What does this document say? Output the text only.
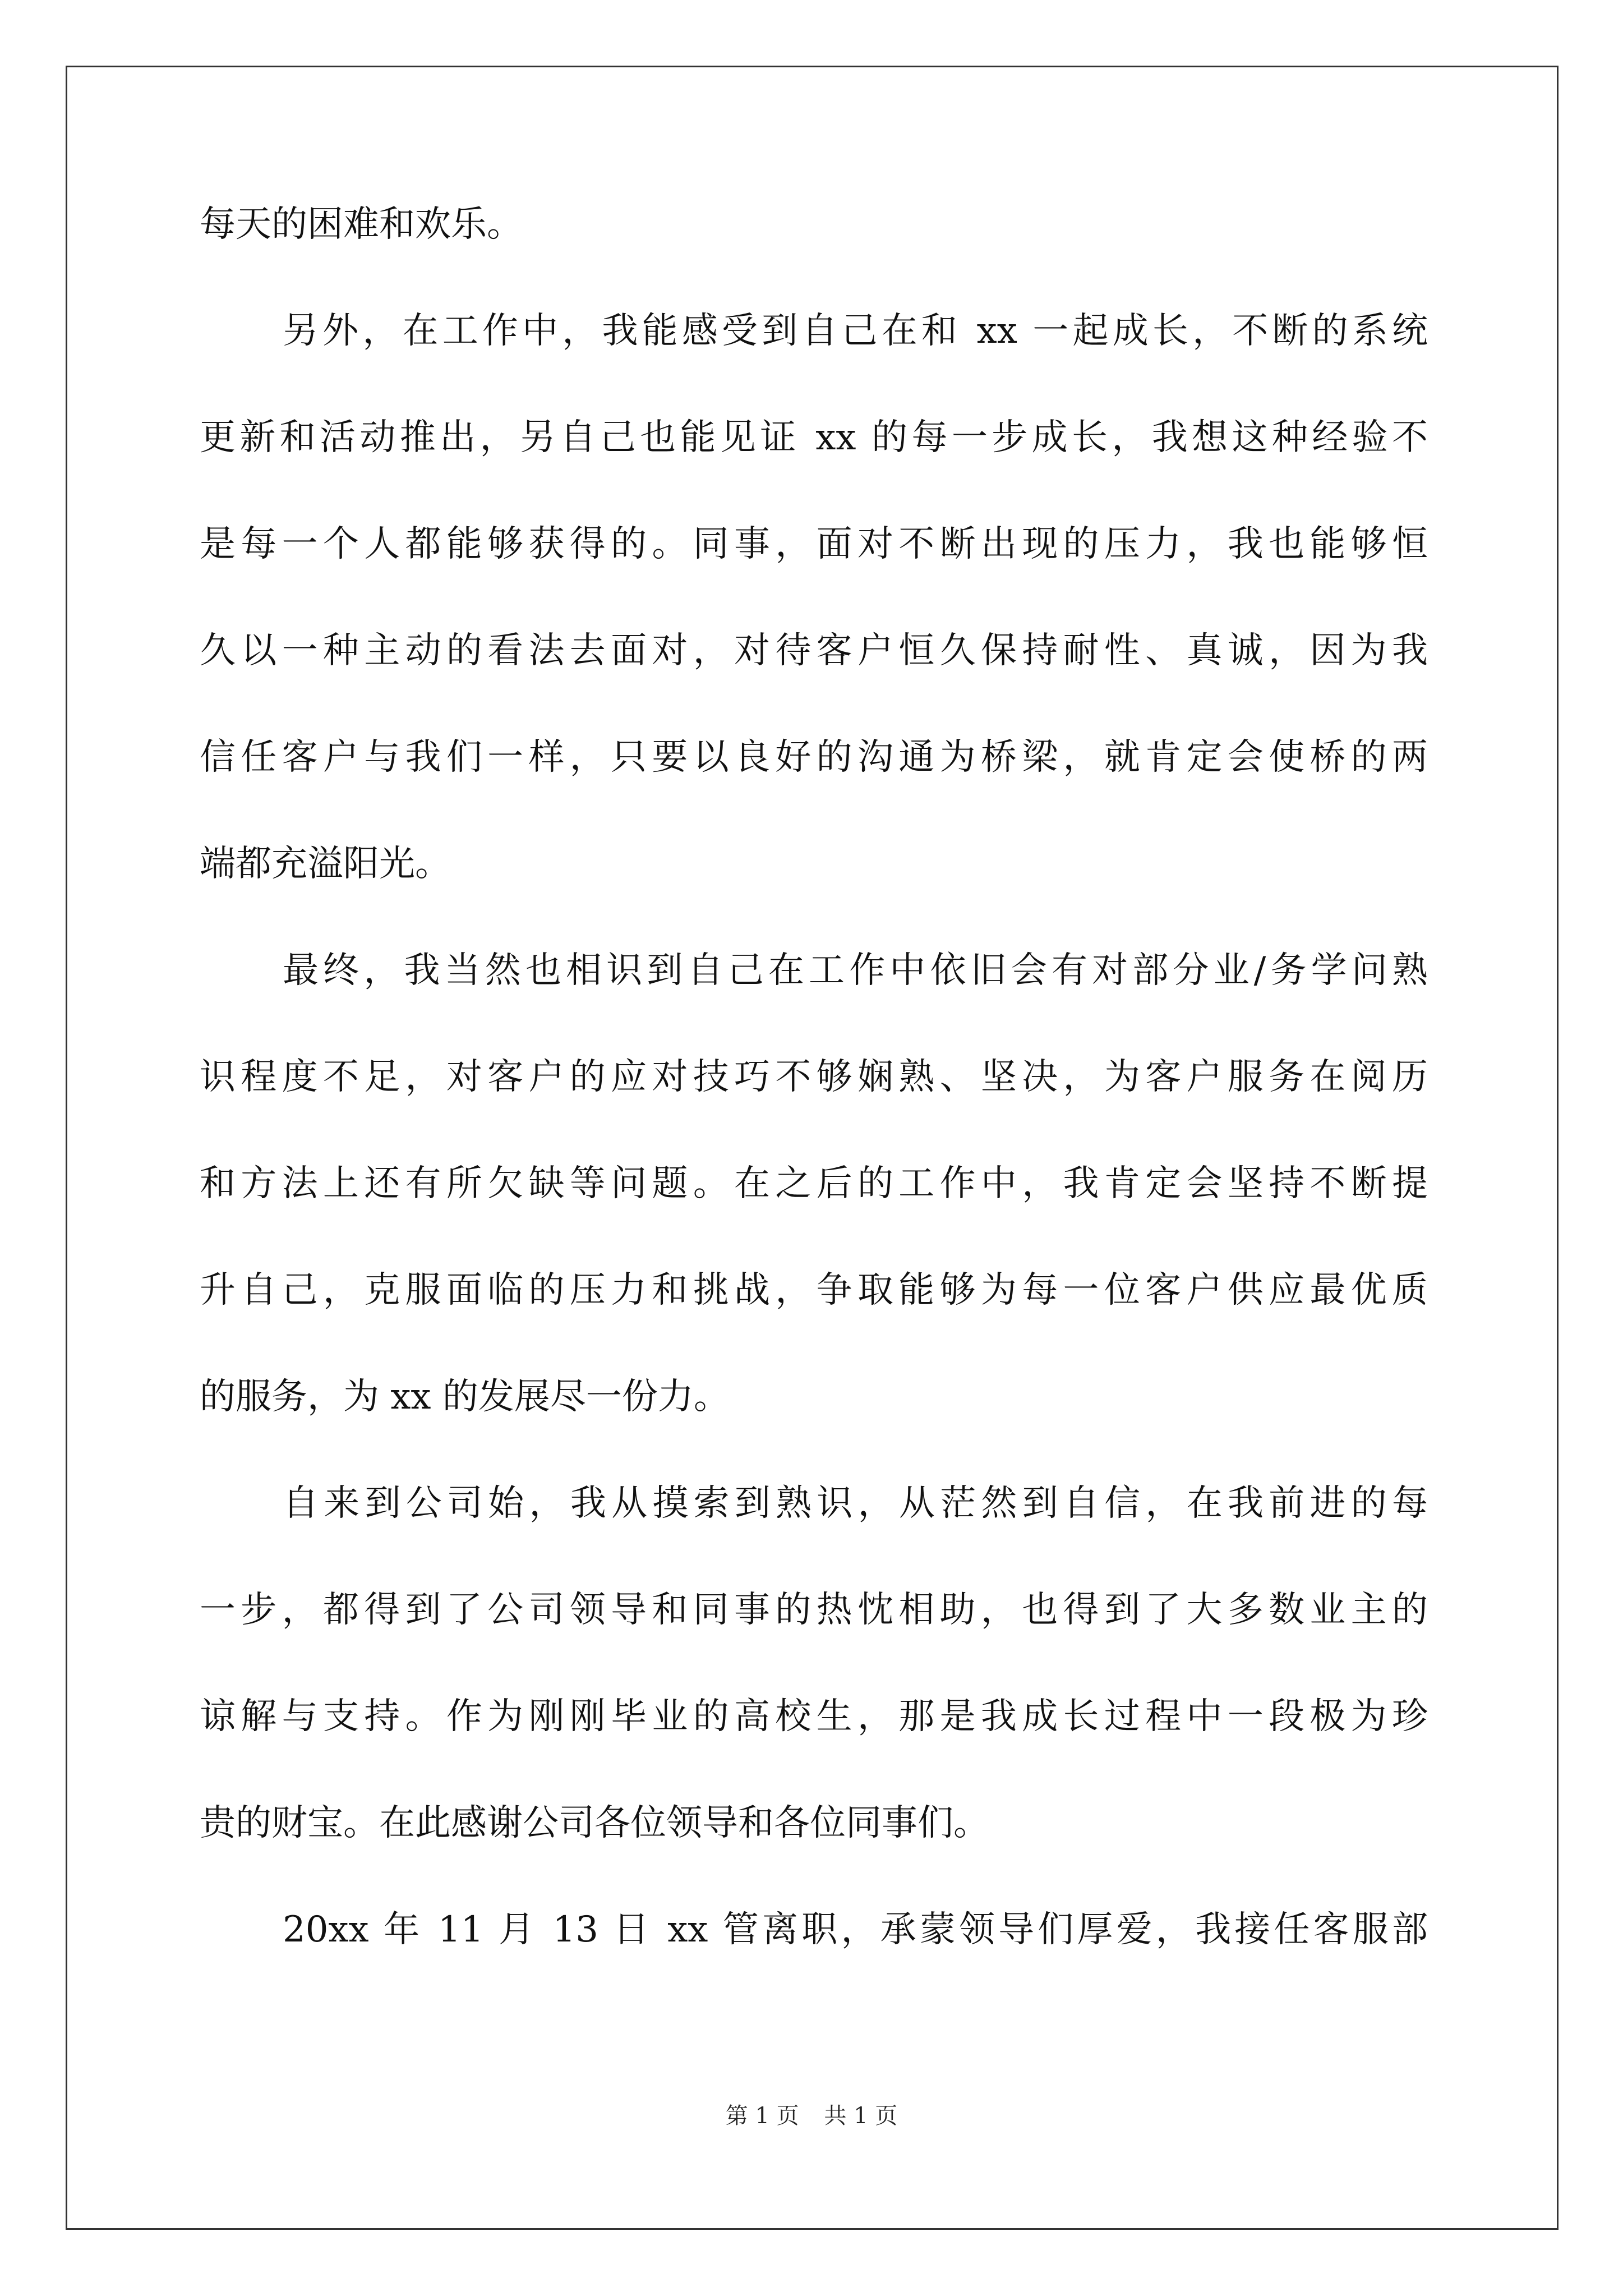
每天的困难和欢乐。
另外，在工作中，我能感受到自己在和 xx 一起成长，不断的系统
更新和活动推出，另自己也能见证 xx 的每一步成长，我想这种经验不
是每一个人都能够获得的。同事，面对不断出现的压力，我也能够恒
久以一种主动的看法去面对，对待客户恒久保持耐性、真诚，因为我
信任客户与我们一样，只要以良好的沟通为桥梁，就肯定会使桥的两
端都充溢阳光。
最终，我当然也相识到自己在工作中依旧会有对部分业/务学问熟
识程度不足，对客户的应对技巧不够娴熟、坚决，为客户服务在阅历
和方法上还有所欠缺等问题。在之后的工作中，我肯定会坚持不断提
升自己，克服面临的压力和挑战，争取能够为每一位客户供应最优质
的服务，为 xx 的发展尽一份力。
自来到公司始，我从摸索到熟识，从茫然到自信，在我前进的每
一步，都得到了公司领导和同事的热忱相助，也得到了大多数业主的
谅解与支持。作为刚刚毕业的高校生，那是我成长过程中一段极为珍
贵的财宝。在此感谢公司各位领导和各位同事们。
20xx 年 11 月 13 日 xx 管离职，承蒙领导们厚爱，我接任客服部
第 1 页 共 1 页
